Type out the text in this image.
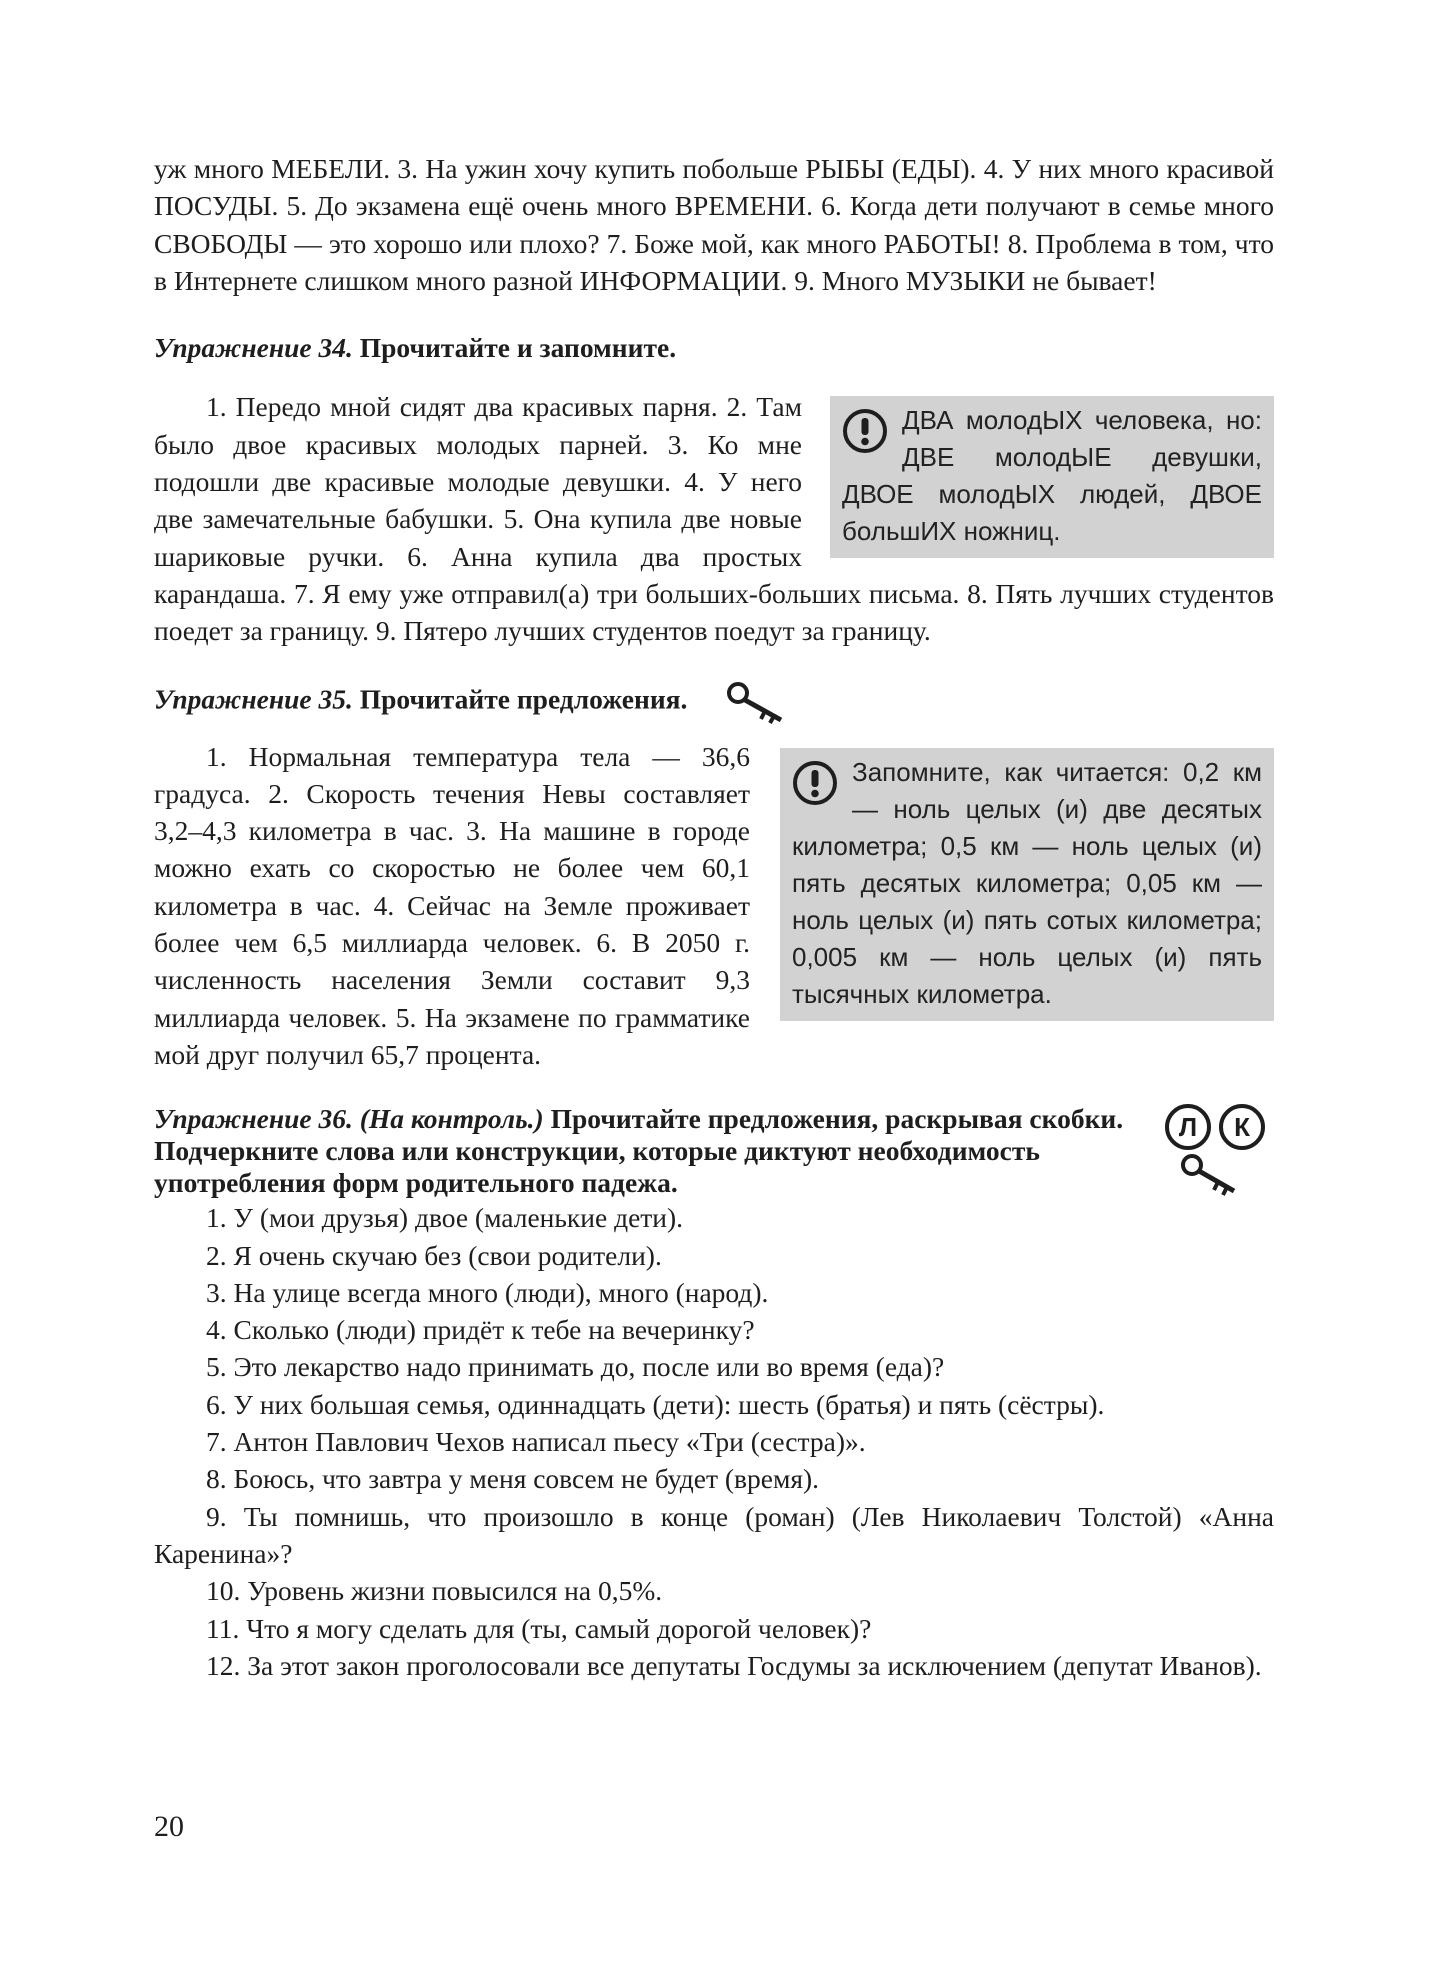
уж много МЕБЕЛИ. 3. На ужин хочу купить побольше РЫБЫ (ЕДЫ). 4. У них много красивой ПОСУДЫ. 5. До экзамена ещё очень много ВРЕМЕНИ. 6. Когда дети получают в семье много СВОБОДЫ — это хорошо или плохо? 7. Боже мой, как много РАБОТЫ! 8. Проблема в том, что в Интернете слишком много разной ИНФОРМАЦИИ. 9. Много МУЗЫКИ не бывает!

Упражнение 34. Прочитайте и запомните.

ДВА молодЫХ человека, но: ДВЕ молодЫЕ девушки, ДВОЕ молодЫХ людей, ДВОЕ большИХ ножниц.

1. Передо мной сидят два красивых парня. 2. Там было двое красивых молодых парней. 3. Ко мне подошли две красивые молодые девушки. 4. У него две замечательные бабушки. 5. Она купила две новые шариковые ручки. 6. Анна купила два простых карандаша. 7. Я ему уже отправил(а) три больших-больших письма. 8. Пять лучших студентов поедет за границу. 9. Пятеро лучших студентов поедут за границу.

Упражнение 35. Прочитайте предложения.

Запомните, как читается: 0,2 км — ноль целых (и) две десятых километра; 0,5 км — ноль целых (и) пять десятых километра; 0,05 км — ноль целых (и) пять сотых километра; 0,005 км — ноль целых (и) пять тысячных километра.

1. Нормальная температура тела — 36,6 градуса. 2. Скорость течения Невы составляет 3,2–4,3 километра в час. 3. На машине в городе можно ехать со скоростью не более чем 60,1 километра в час. 4. Сейчас на Земле проживает более чем 6,5 миллиарда человек. 6. В 2050 г. численность населения Земли составит 9,3 миллиарда человек. 5. На экзамене по грамматике мой друг получил 65,7 процента.

Л К

Упражнение 36. (На контроль.) Прочитайте предложения, раскрывая скобки. Подчеркните слова или конструкции, которые диктуют необходимость употребления форм родительного падежа.

1. У (мои друзья) двое (маленькие дети).

2. Я очень скучаю без (свои родители).

3. На улице всегда много (люди), много (народ).

4. Сколько (люди) придёт к тебе на вечеринку?

5. Это лекарство надо принимать до, после или во время (еда)?

6. У них большая семья, одиннадцать (дети): шесть (братья) и пять (сёстры).

7. Антон Павлович Чехов написал пьесу «Три (сестра)».

8. Боюсь, что завтра у меня совсем не будет (время).

9. Ты помнишь, что произошло в конце (роман) (Лев Николаевич Толстой) «Анна Каренина»?

10. Уровень жизни повысился на 0,5%.

11. Что я могу сделать для (ты, самый дорогой человек)?

12. За этот закон проголосовали все депутаты Госдумы за исключением (депутат Иванов).

20
